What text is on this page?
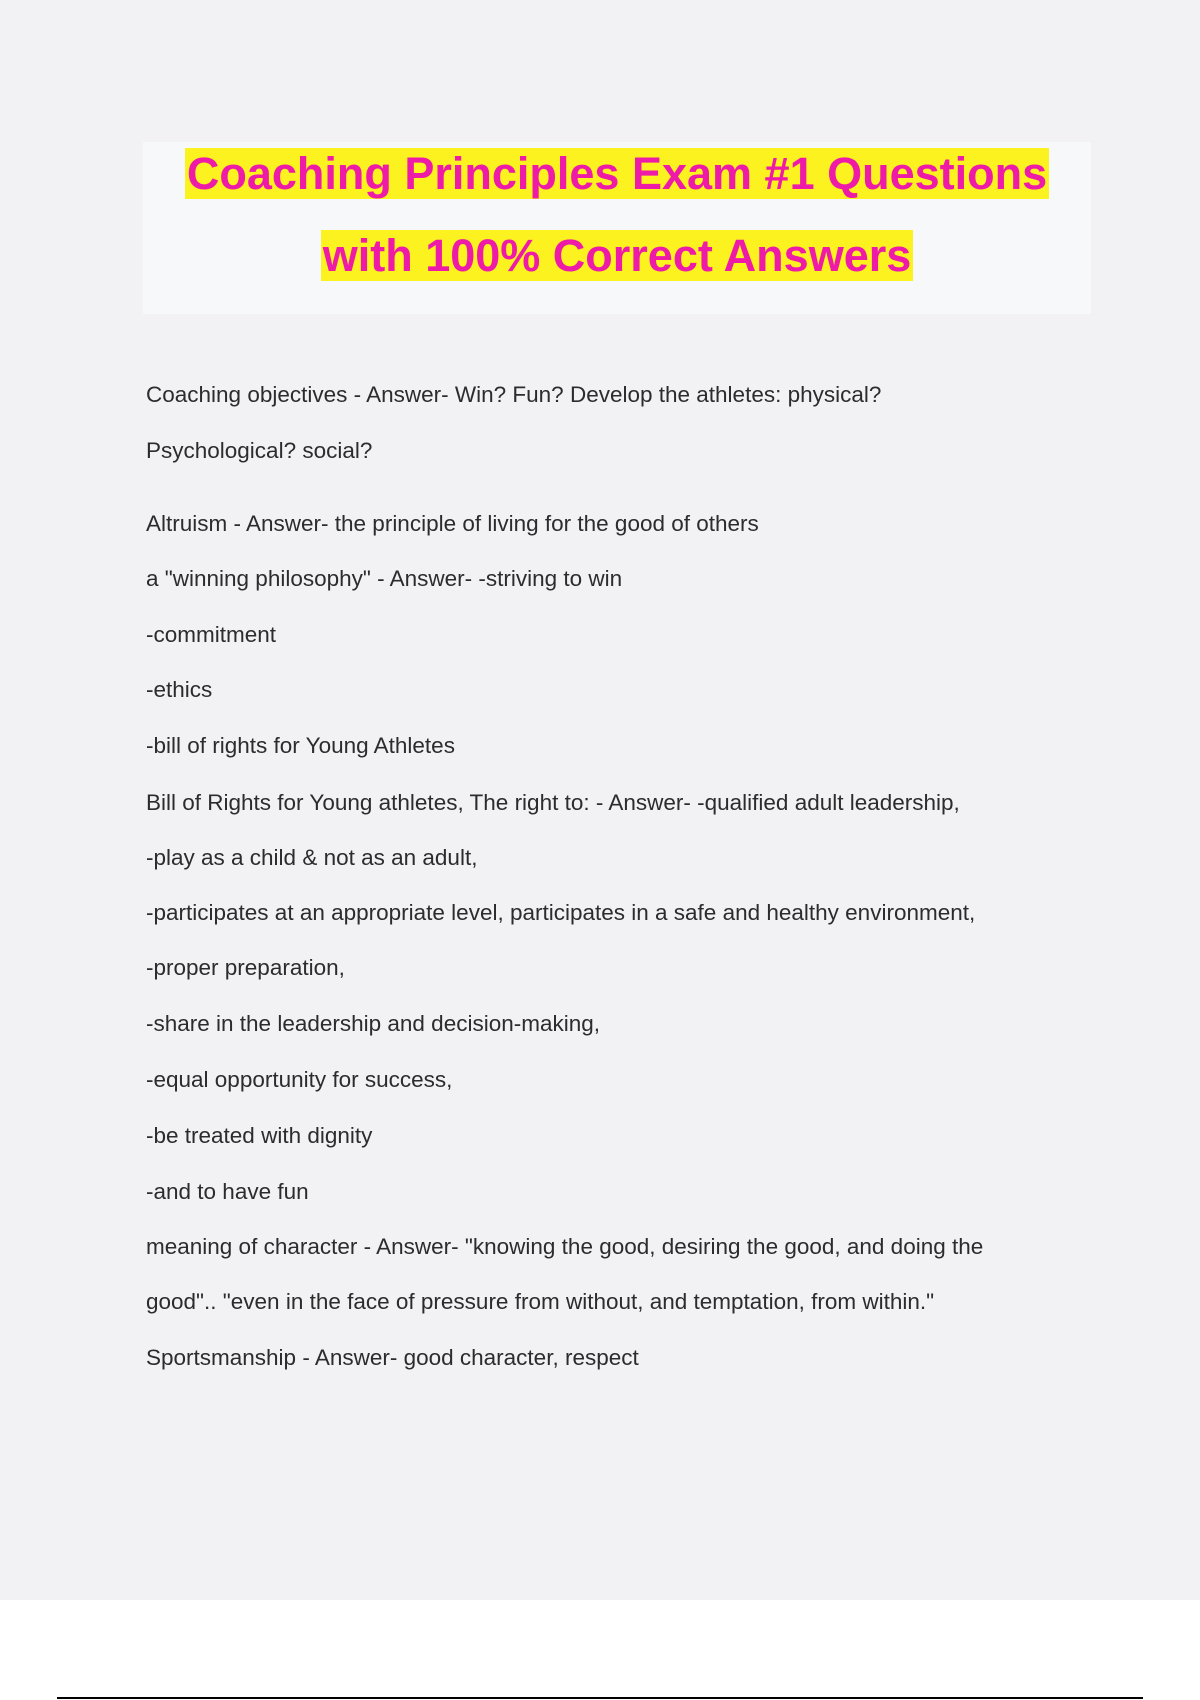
Coaching Principles Exam #1 Questions
with 100% Correct Answers
Coaching objectives - Answer- Win? Fun? Develop the athletes: physical?
Psychological? social?
Altruism - Answer- the principle of living for the good of others
a "winning philosophy" - Answer- -striving to win
-commitment
-ethics
-bill of rights for Young Athletes
Bill of Rights for Young athletes, The right to: - Answer- -qualified adult leadership,
-play as a child & not as an adult,
-participates at an appropriate level, participates in a safe and healthy environment,
-proper preparation,
-share in the leadership and decision-making,
-equal opportunity for success,
-be treated with dignity
-and to have fun
meaning of character - Answer- "knowing the good, desiring the good, and doing the
good".. "even in the face of pressure from without, and temptation, from within."
Sportsmanship - Answer- good character, respect
